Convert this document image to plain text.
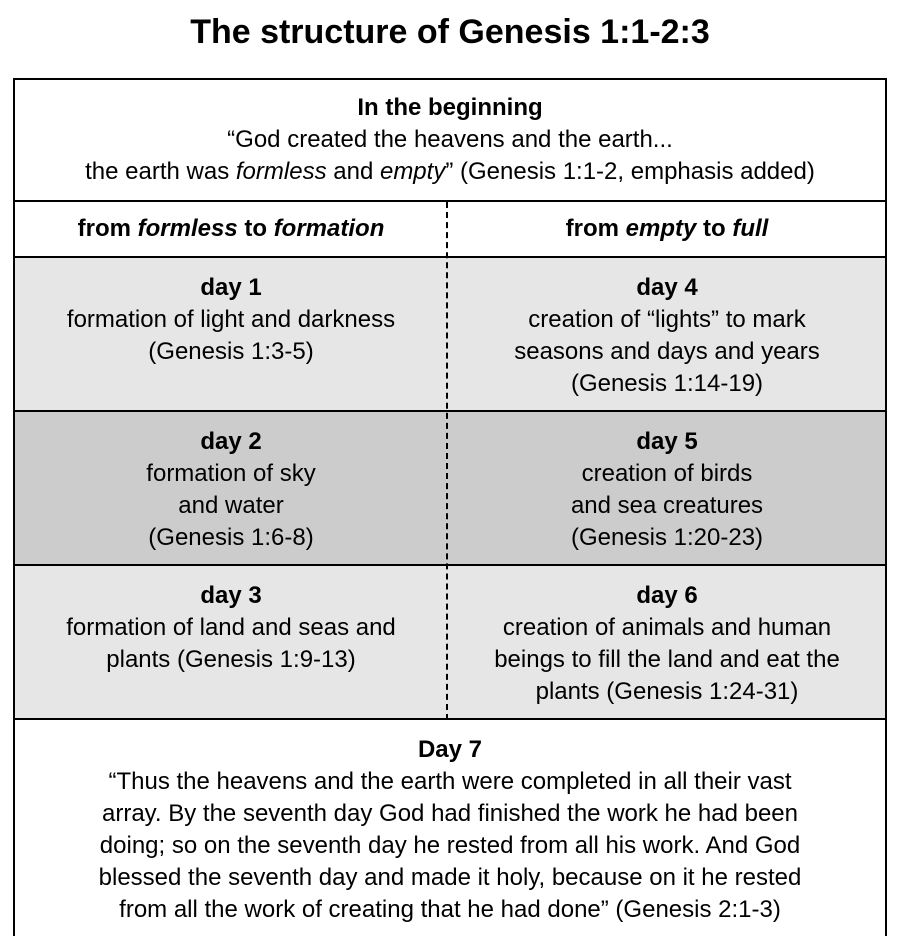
The structure of Genesis 1:1-2:3
In the beginning
“God created the heavens and the earth...
the earth was formless and empty” (Genesis 1:1-2, emphasis added)
from formless to formation	from empty to full
day 1
formation of light and darkness
(Genesis 1:3-5)
day 4
creation of “lights” to mark
seasons and days and years
(Genesis 1:14-19)
day 2
formation of sky
and water
(Genesis 1:6-8)
day 5
creation of birds
and sea creatures
(Genesis 1:20-23)
day 3
formation of land and seas and
plants (Genesis 1:9-13)
day 6
creation of animals and human
beings to fill the land and eat the
plants (Genesis 1:24-31)
Day 7
“Thus the heavens and the earth were completed in all their vast
array. By the seventh day God had finished the work he had been
doing; so on the seventh day he rested from all his work. And God
blessed the seventh day and made it holy, because on it he rested
from all the work of creating that he had done” (Genesis 2:1-3)
